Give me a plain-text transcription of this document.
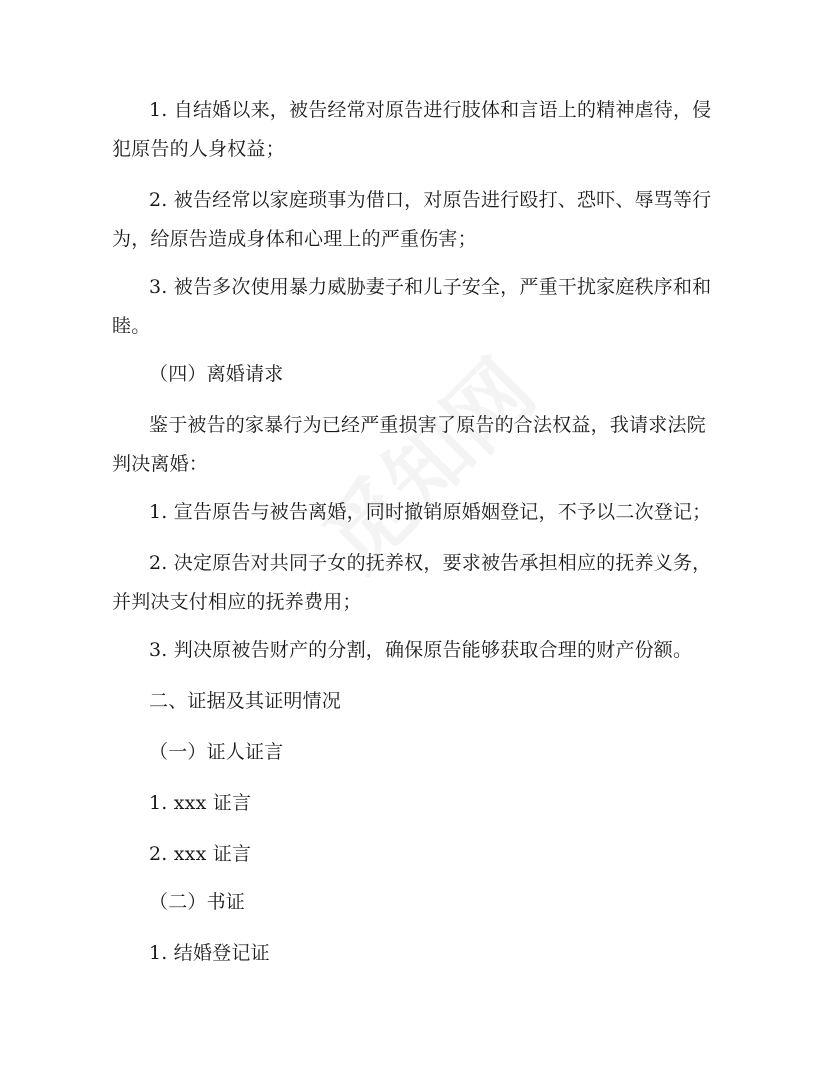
1. 自结婚以来，被告经常对原告进行肢体和言语上的精神虐待，侵
犯原告的人身权益；
2. 被告经常以家庭琐事为借口，对原告进行殴打、恐吓、辱骂等行
为，给原告造成身体和心理上的严重伤害；
3. 被告多次使用暴力威胁妻子和儿子安全，严重干扰家庭秩序和和
睦。
（四）离婚请求
鉴于被告的家暴行为已经严重损害了原告的合法权益，我请求法院
判决离婚：
1. 宣告原告与被告离婚，同时撤销原婚姻登记，不予以二次登记；
2. 决定原告对共同子女的抚养权，要求被告承担相应的抚养义务，
并判决支付相应的抚养费用；
3. 判决原被告财产的分割，确保原告能够获取合理的财产份额。
二、证据及其证明情况
（一）证人证言
1. xxx 证言
2. xxx 证言
（二）书证
1. 结婚登记证
